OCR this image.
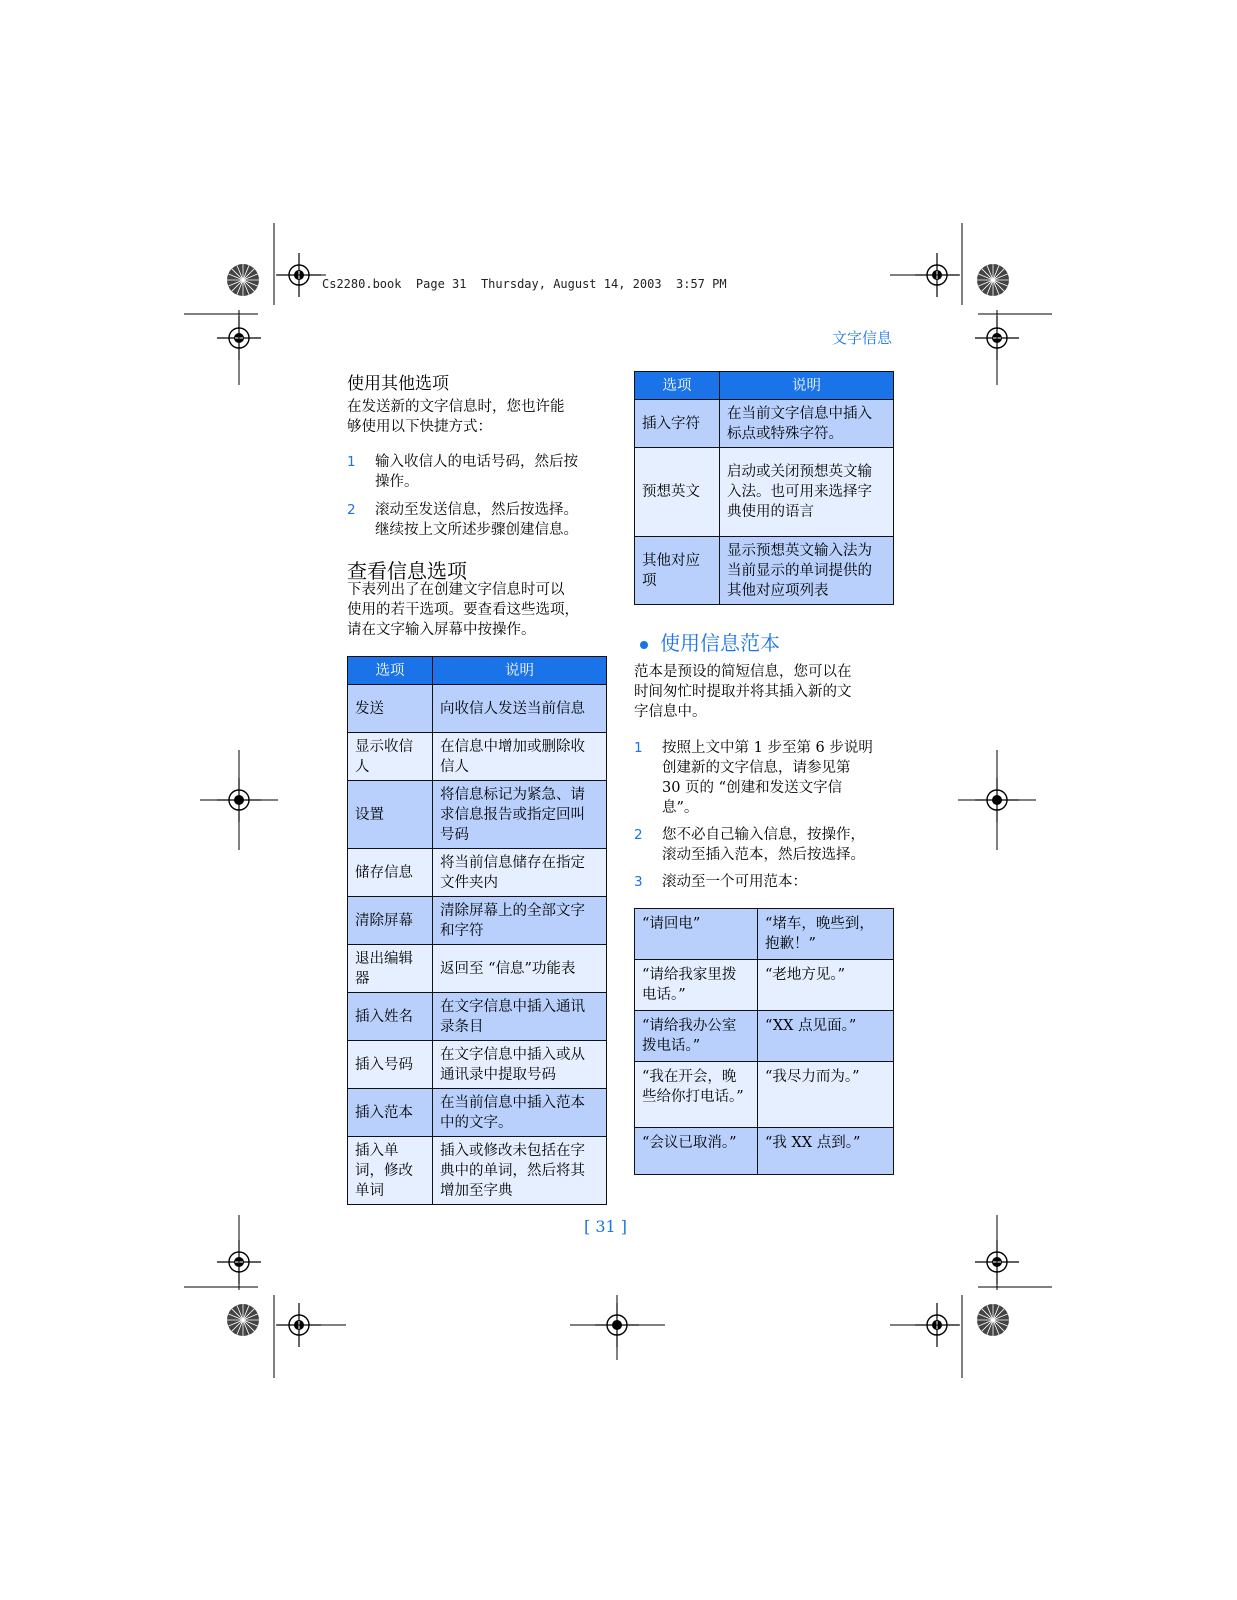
Cs2280.book  Page 31  Thursday, August 14, 2003  3:57 PM
文字信息
使用其他选项
在发送新的文字信息时，您也许能
够使用以下快捷方式：
1 输入收信人的电话号码，然后按
操作。
2 滚动至发送信息，然后按选择。
继续按上文所述步骤创建信息。
查看信息选项
下表列出了在创建文字信息时可以
使用的若干选项。要查看这些选项，
请在文字输入屏幕中按操作。
选项	说明
发送	向收信人发送当前信息
显示收信人	在信息中增加或删除收信人
设置	将信息标记为紧急、请求信息报告或指定回叫号码
储存信息	将当前信息储存在指定文件夹内
清除屏幕	清除屏幕上的全部文字和字符
退出编辑器	返回至 “信息”功能表
插入姓名	在文字信息中插入通讯录条目
插入号码	在文字信息中插入或从通讯录中提取号码
插入范本	在当前信息中插入范本中的文字。
插入单词，修改单词	插入或修改未包括在字典中的单词，然后将其增加至字典
选项	说明
插入字符	在当前文字信息中插入标点或特殊字符。
预想英文	启动或关闭预想英文输入法。也可用来选择字典使用的语言
其他对应项	显示预想英文输入法为当前显示的单词提供的其他对应项列表
使用信息范本
范本是预设的简短信息，您可以在
时间匆忙时提取并将其插入新的文
字信息中。
1 按照上文中第 1 步至第 6 步说明
创建新的文字信息，请参见第
30 页的 “创建和发送文字信
息”。
2 您不必自己输入信息，按操作，
滚动至插入范本，然后按选择。
3 滚动至一个可用范本：
“请回电”	“堵车，晚些到，抱歉！”
“请给我家里拨电话。”	“老地方见。”
“请给我办公室拨电话。”	“XX 点见面。”
“我在开会，晚些给你打电话。”	“我尽力而为。”
“会议已取消。”	“我 XX 点到。”
[ 31 ]
